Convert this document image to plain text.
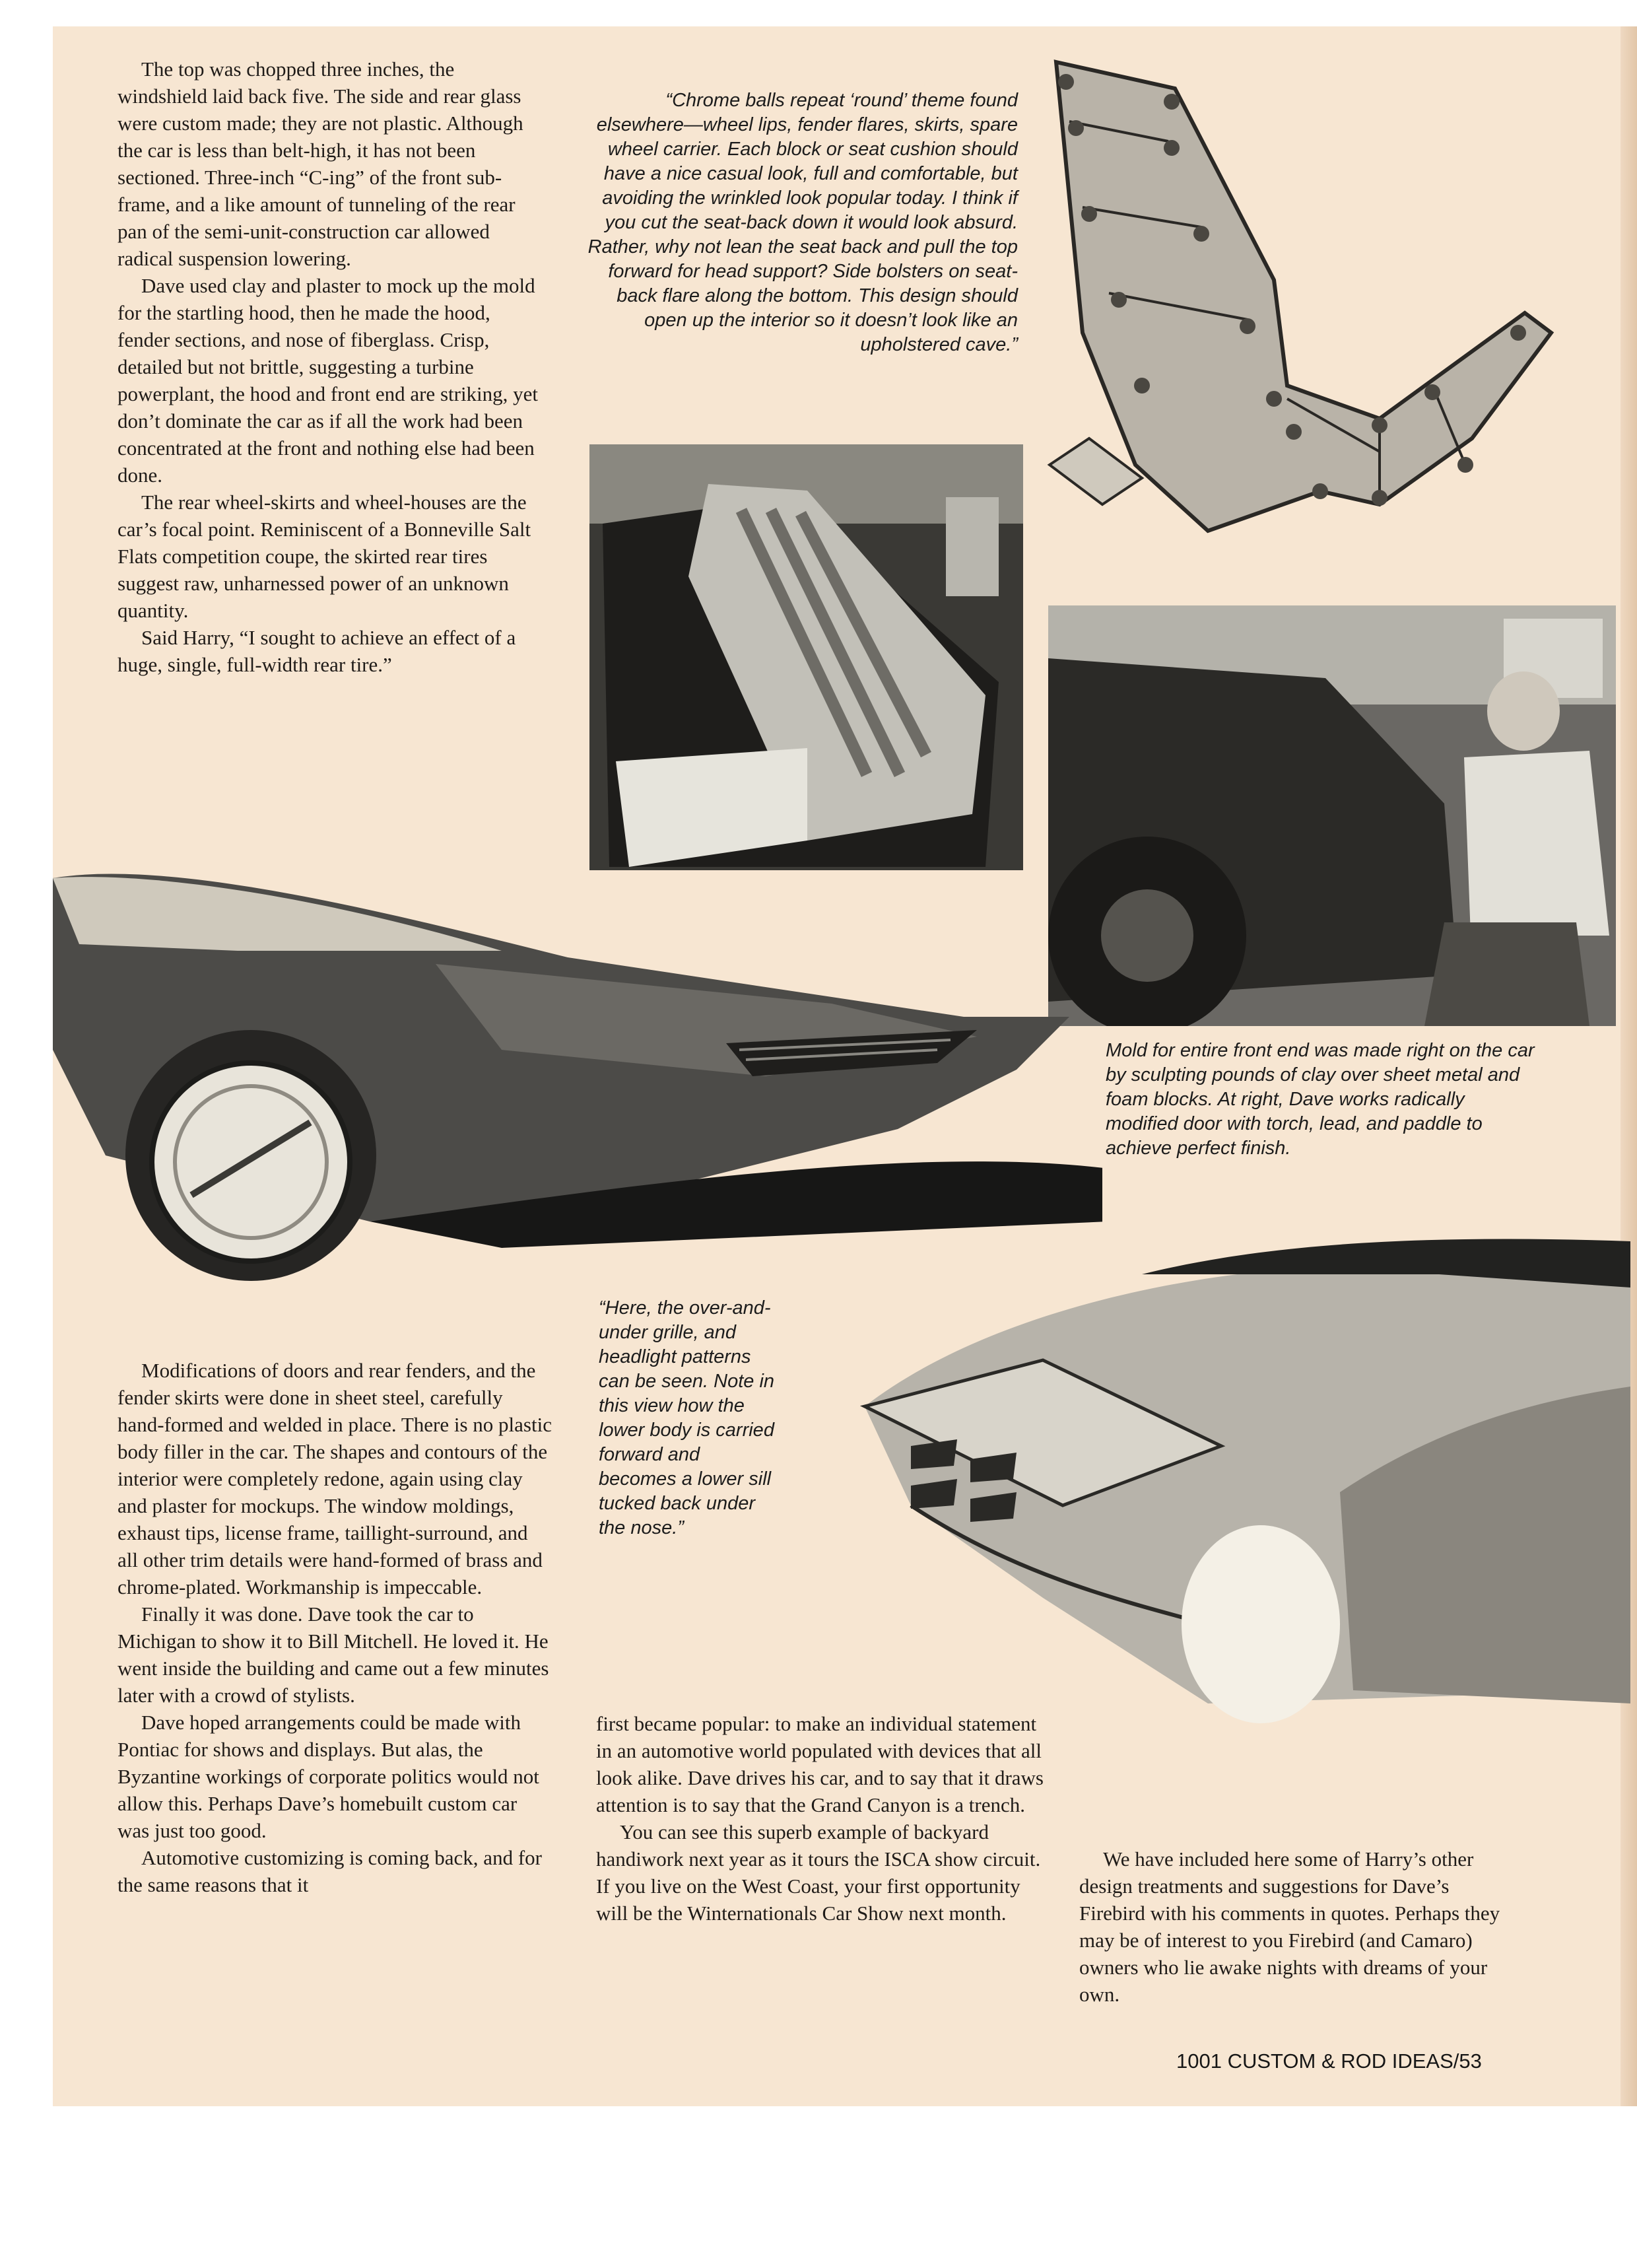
The top was chopped three inches, the windshield laid back five. The side and rear glass were custom made; they are not plastic. Although the car is less than belt-high, it has not been sectioned. Three-inch “C-ing” of the front sub-frame, and a like amount of tunneling of the rear pan of the semi-unit-construction car allowed radical suspension lowering.

Dave used clay and plaster to mock up the mold for the startling hood, then he made the hood, fender sections, and nose of fiberglass. Crisp, detailed but not brittle, suggesting a turbine powerplant, the hood and front end are striking, yet don’t dominate the car as if all the work had been concentrated at the front and nothing else had been done.

The rear wheel-skirts and wheel-houses are the car’s focal point. Reminiscent of a Bonneville Salt Flats competition coupe, the skirted rear tires suggest raw, unharnessed power of an unknown quantity.

Said Harry, “I sought to achieve an effect of a huge, single, full-width rear tire.”

“Chrome balls repeat ‘round’ theme found elsewhere—wheel lips, fender flares, skirts, spare wheel carrier. Each block or seat cushion should have a nice casual look, full and comfortable, but avoiding the wrinkled look popular today. I think if you cut the seat-back down it would look absurd. Rather, why not lean the seat back and pull the top forward for head support? Side bolsters on seat-back flare along the bottom. This design should open up the interior so it doesn’t look like an upholstered cave.”
Mold for entire front end was made right on the car by sculpting pounds of clay over sheet metal and foam blocks. At right, Dave works radically modified door with torch, lead, and paddle to achieve perfect finish.
“Here, the over-and-under grille, and headlight patterns can be seen. Note in this view how the lower body is carried forward and becomes a lower sill tucked back under the nose.”

Modifications of doors and rear fenders, and the fender skirts were done in sheet steel, carefully hand-formed and welded in place. There is no plastic body filler in the car. The shapes and contours of the interior were completely redone, again using clay and plaster for mockups. The window moldings, exhaust tips, license frame, taillight-surround, and all other trim details were hand-formed of brass and chrome-plated. Workmanship is impeccable.

Finally it was done. Dave took the car to Michigan to show it to Bill Mitchell. He loved it. He went inside the building and came out a few minutes later with a crowd of stylists.

Dave hoped arrangements could be made with Pontiac for shows and displays. But alas, the Byzantine workings of corporate politics would not allow this. Perhaps Dave’s homebuilt custom car was just too good.

Automotive customizing is coming back, and for the same reasons that it

first became popular: to make an individual statement in an automotive world populated with devices that all look alike. Dave drives his car, and to say that it draws attention is to say that the Grand Canyon is a trench.

You can see this superb example of backyard handiwork next year as it tours the ISCA show circuit. If you live on the West Coast, your first opportunity will be the Winternationals Car Show next month.

We have included here some of Harry’s other design treatments and suggestions for Dave’s Firebird with his comments in quotes. Perhaps they may be of interest to you Firebird (and Camaro) owners who lie awake nights with dreams of your own.

1001 CUSTOM & ROD IDEAS/53
